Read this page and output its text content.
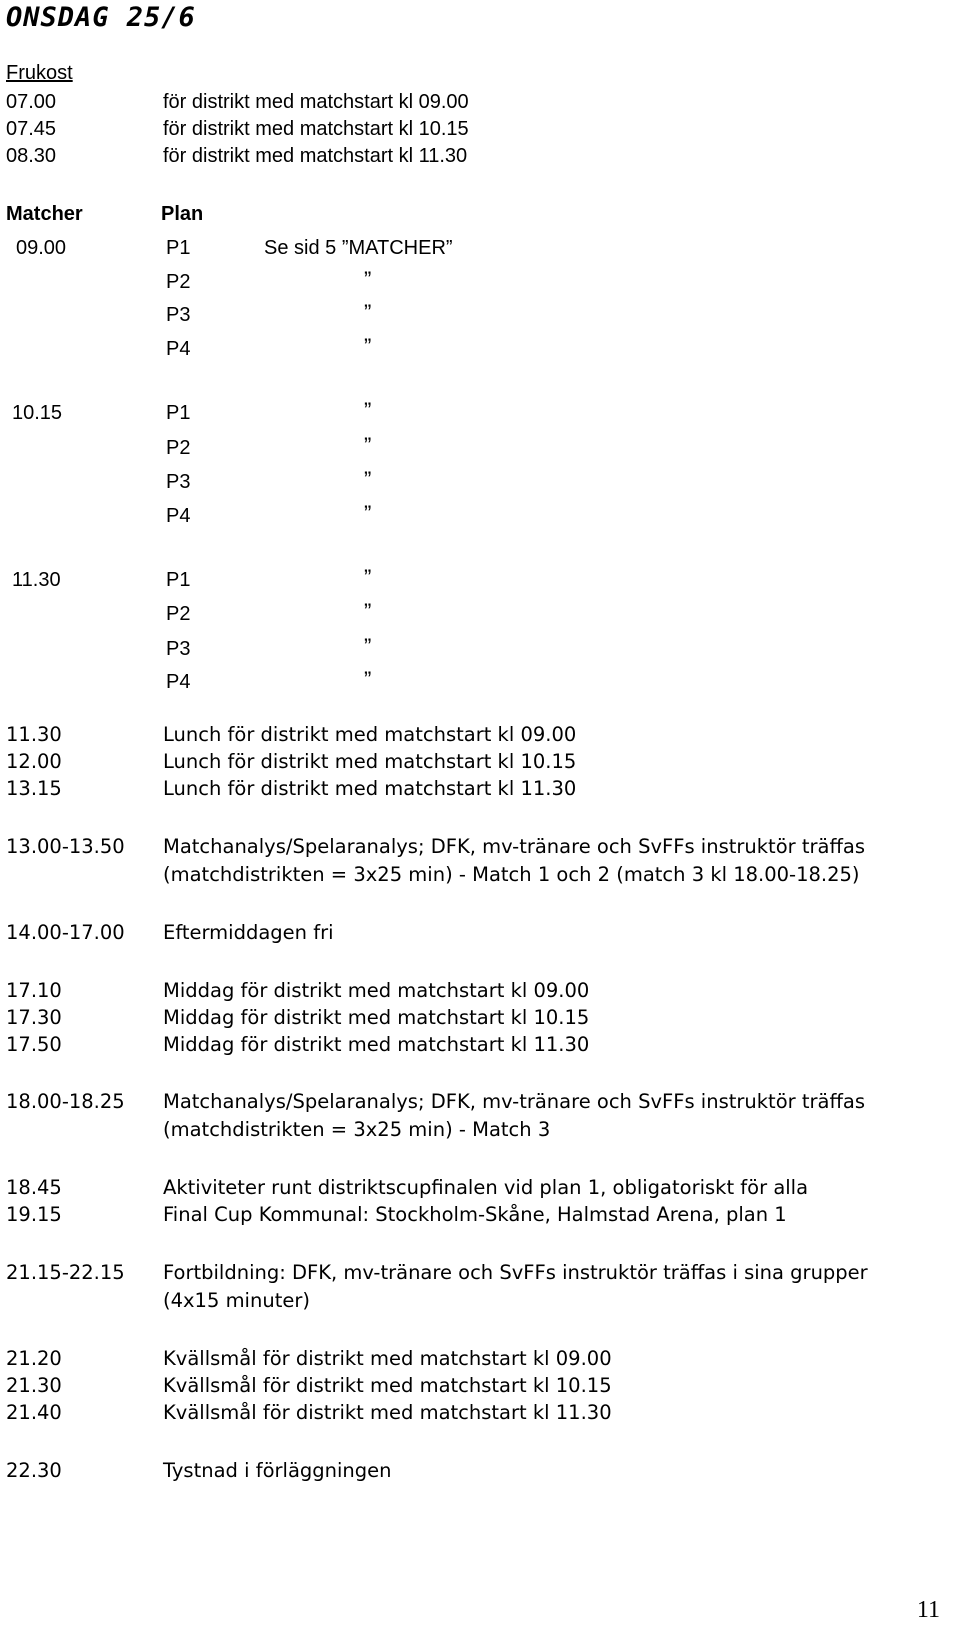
ONSDAG 25/6
Frukost
07.00	för distrikt med matchstart kl 09.00
07.45	för distrikt med matchstart kl 10.15
08.30	för distrikt med matchstart kl 11.30
Matcher	Plan
09.00	P1	Se sid 5 ”MATCHER”
P2	”
P3	”
P4	”
10.15	P1	”
P2	”
P3	”
P4	”
11.30	P1	”
P2	”
P3	”
P4	”
11.30	Lunch för distrikt med matchstart kl 09.00
12.00	Lunch för distrikt med matchstart kl 10.15
13.15	Lunch för distrikt med matchstart kl 11.30
13.00-13.50 Matchanalys/Spelaranalys; DFK, mv-tränare och SvFFs instruktör träffas
(matchdistrikten = 3x25 min) - Match 1 och 2 (match 3 kl 18.00-18.25)
14.00-17.00 Eftermiddagen fri
17.10	Middag för distrikt med matchstart kl 09.00
17.30	Middag för distrikt med matchstart kl 10.15
17.50	Middag för distrikt med matchstart kl 11.30
18.00-18.25 Matchanalys/Spelaranalys; DFK, mv-tränare och SvFFs instruktör träffas
(matchdistrikten = 3x25 min) - Match 3
18.45	Aktiviteter runt distriktscupfinalen vid plan 1, obligatoriskt för alla
19.15	Final Cup Kommunal: Stockholm-Skåne, Halmstad Arena, plan 1
21.15-22.15 Fortbildning: DFK, mv-tränare och SvFFs instruktör träffas i sina grupper
(4x15 minuter)
21.20	Kvällsmål för distrikt med matchstart kl 09.00
21.30	Kvällsmål för distrikt med matchstart kl 10.15
21.40	Kvällsmål för distrikt med matchstart kl 11.30
22.30	Tystnad i förläggningen
11
